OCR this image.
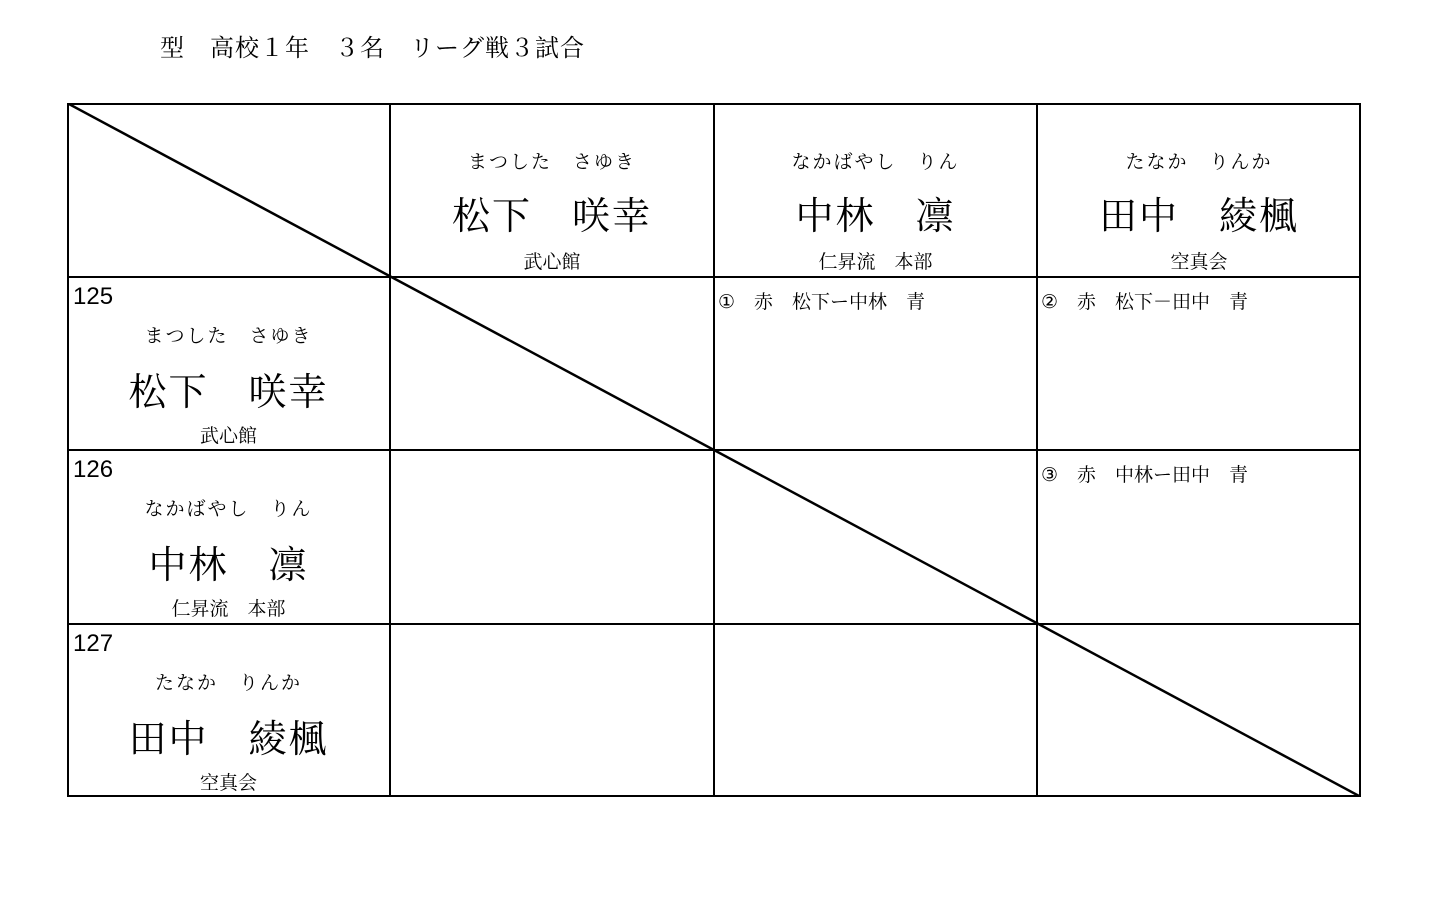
型　高校１年　３名　リーグ戦３試合
まつした　さゆき
松下　咲幸
武心館
なかばやし　りん
中林　凛
仁昇流　本部
たなか　りんか
田中　綾楓
空真会
125
まつした　さゆき
松下　咲幸
武心館
126
なかばやし　りん
中林　凛
仁昇流　本部
127
たなか　りんか
田中　綾楓
空真会
①　赤　松下ー中林　青	②　赤　松下－田中　青
③　赤　中林ー田中　青
